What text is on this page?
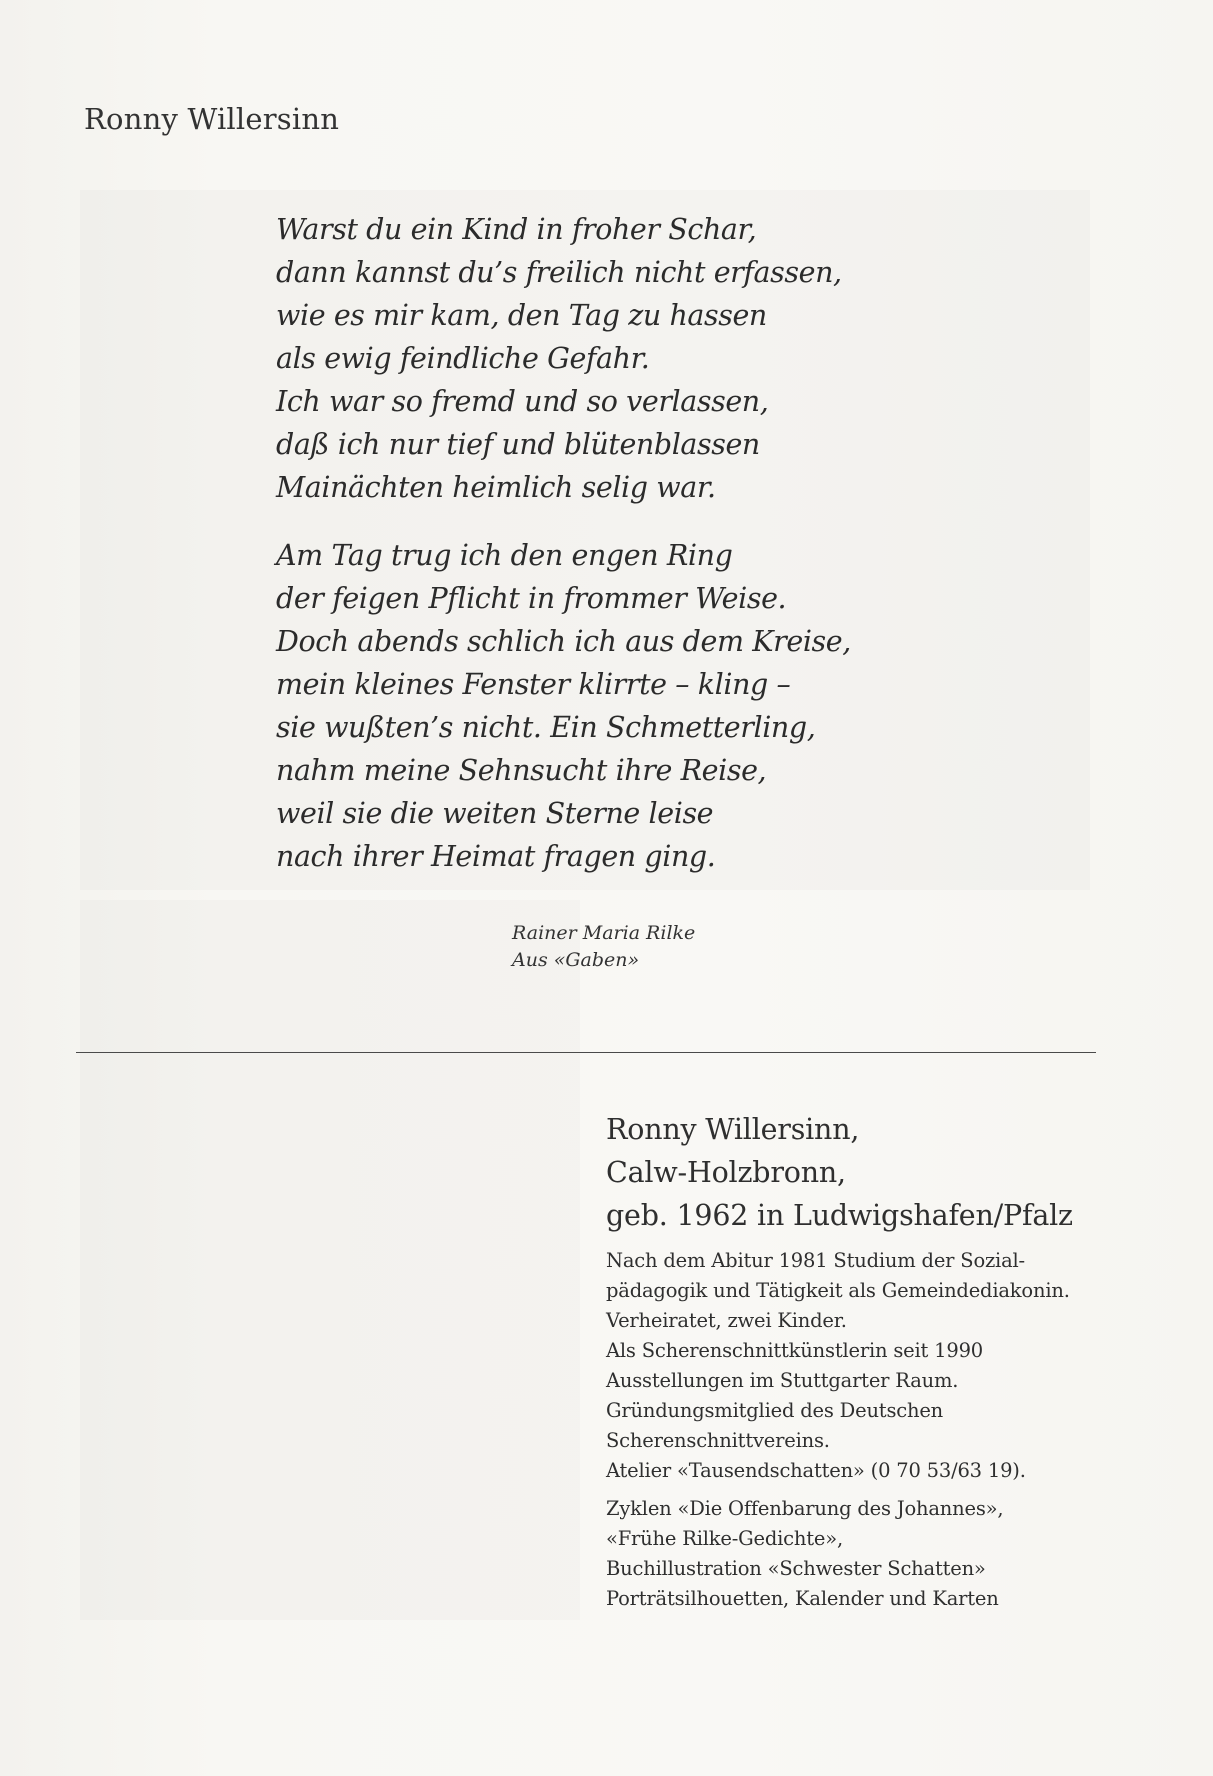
Ronny Willersinn
Warst du ein Kind in froher Schar,
dann kannst du’s freilich nicht erfassen,
wie es mir kam, den Tag zu hassen
als ewig feindliche Gefahr.
Ich war so fremd und so verlassen,
daß ich nur tief und blütenblassen
Mainächten heimlich selig war.
Am Tag trug ich den engen Ring
der feigen Pflicht in frommer Weise.
Doch abends schlich ich aus dem Kreise,
mein kleines Fenster klirrte – kling –
sie wußten’s nicht. Ein Schmetterling,
nahm meine Sehnsucht ihre Reise,
weil sie die weiten Sterne leise
nach ihrer Heimat fragen ging.
Rainer Maria Rilke
Aus «Gaben»
Ronny Willersinn,
Calw-Holzbronn,
geb. 1962 in Ludwigshafen/Pfalz
Nach dem Abitur 1981 Studium der Sozial-
pädagogik und Tätigkeit als Gemeindediakonin.
Verheiratet, zwei Kinder.
Als Scherenschnittkünstlerin seit 1990
Ausstellungen im Stuttgarter Raum.
Gründungsmitglied des Deutschen
Scherenschnittvereins.
Atelier «Tausendschatten» (0 70 53/63 19).
Zyklen «Die Offenbarung des Johannes»,
«Frühe Rilke-Gedichte»,
Buchillustration «Schwester Schatten»
Porträtsilhouetten, Kalender und Karten
